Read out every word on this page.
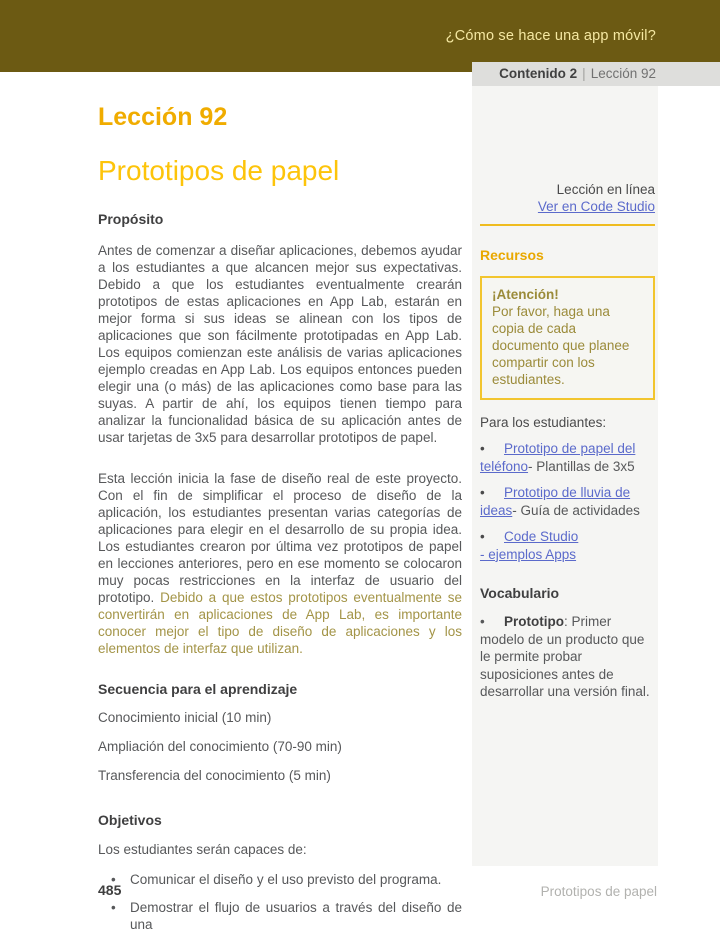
¿Cómo se hace una app móvil?
Contenido 2 | Lección 92
Lección 92
Prototipos de papel
Propósito

Antes de comenzar a diseñar aplicaciones, debemos ayudar a los estudiantes a que alcancen mejor sus expectativas. Debido a que los estudiantes eventualmente crearán prototipos de estas aplicaciones en App Lab, estarán en mejor forma si sus ideas se alinean con los tipos de aplicaciones que son fácilmente prototipadas en App Lab. Los equipos comienzan este análisis de varias aplicaciones ejemplo creadas en App Lab. Los equipos entonces pueden elegir una (o más) de las aplicaciones como base para las suyas. A partir de ahí, los equipos tienen tiempo para analizar la funcionalidad básica de su aplicación antes de usar tarjetas de 3x5 para desarrollar prototipos de papel.

Esta lección inicia la fase de diseño real de este proyecto. Con el fin de simplificar el proceso de diseño de la aplicación, los estudiantes presentan varias categorías de aplicaciones para elegir en el desarrollo de su propia idea. Los estudiantes crearon por última vez prototipos de papel en lecciones anteriores, pero en ese momento se colocaron muy pocas restricciones en la interfaz de usuario del prototipo. Debido a que estos prototipos eventualmente se convertirán en aplicaciones de App Lab, es importante conocer mejor el tipo de diseño de aplicaciones y los elementos de interfaz que utilizan.

Secuencia para el aprendizaje

Conocimiento inicial (10 min)

Ampliación del conocimiento (70-90 min)

Transferencia del conocimiento (5 min)

Objetivos

Los estudiantes serán capaces de:

• Comunicar el diseño y el uso previsto del programa.
• Demostrar el flujo de usuarios a través del diseño de una
Lección en línea
Ver en Code Studio
Recursos
¡Atención!
Por favor, haga una copia de cada documento que planee compartir con los estudiantes.
Para los estudiantes:
• Prototipo de papel del teléfono- Plantillas de 3x5
• Prototipo de lluvia de ideas- Guía de actividades
• Code Studio
- ejemplos Apps
Vocabulario
• Prototipo: Primer modelo de un producto que le permite probar suposiciones antes de desarrollar una versión final.
485	Prototipos de papel
